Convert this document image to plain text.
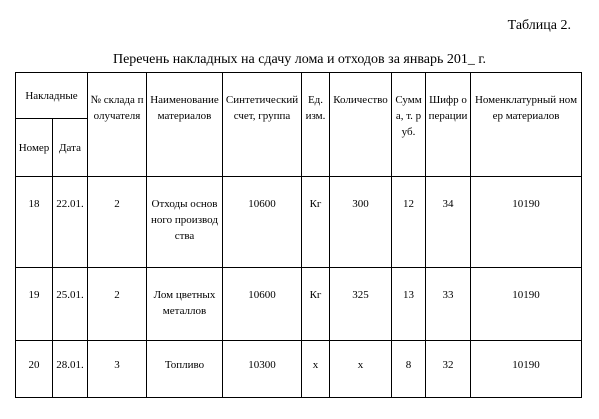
Таблица 2.
Перечень накладных на сдачу лома и отходов за январь 201_ г.
Накладные		№ склада получателя	Наименование материалов	Синтетический счет, группа	Ед. изм.	Количество	Сумма, т. руб.	Шифр операции	Номенклатурный номер материалов
Номер	Дата								
18	22.01.	2	Отходы основного производства	10600	Кг	300	12	34	10190
19	25.01.	2	Лом цветных металлов	10600	Кг	325	13	33	10190
20	28.01.	3	Топливо	10300	х	х	8	32	10190
